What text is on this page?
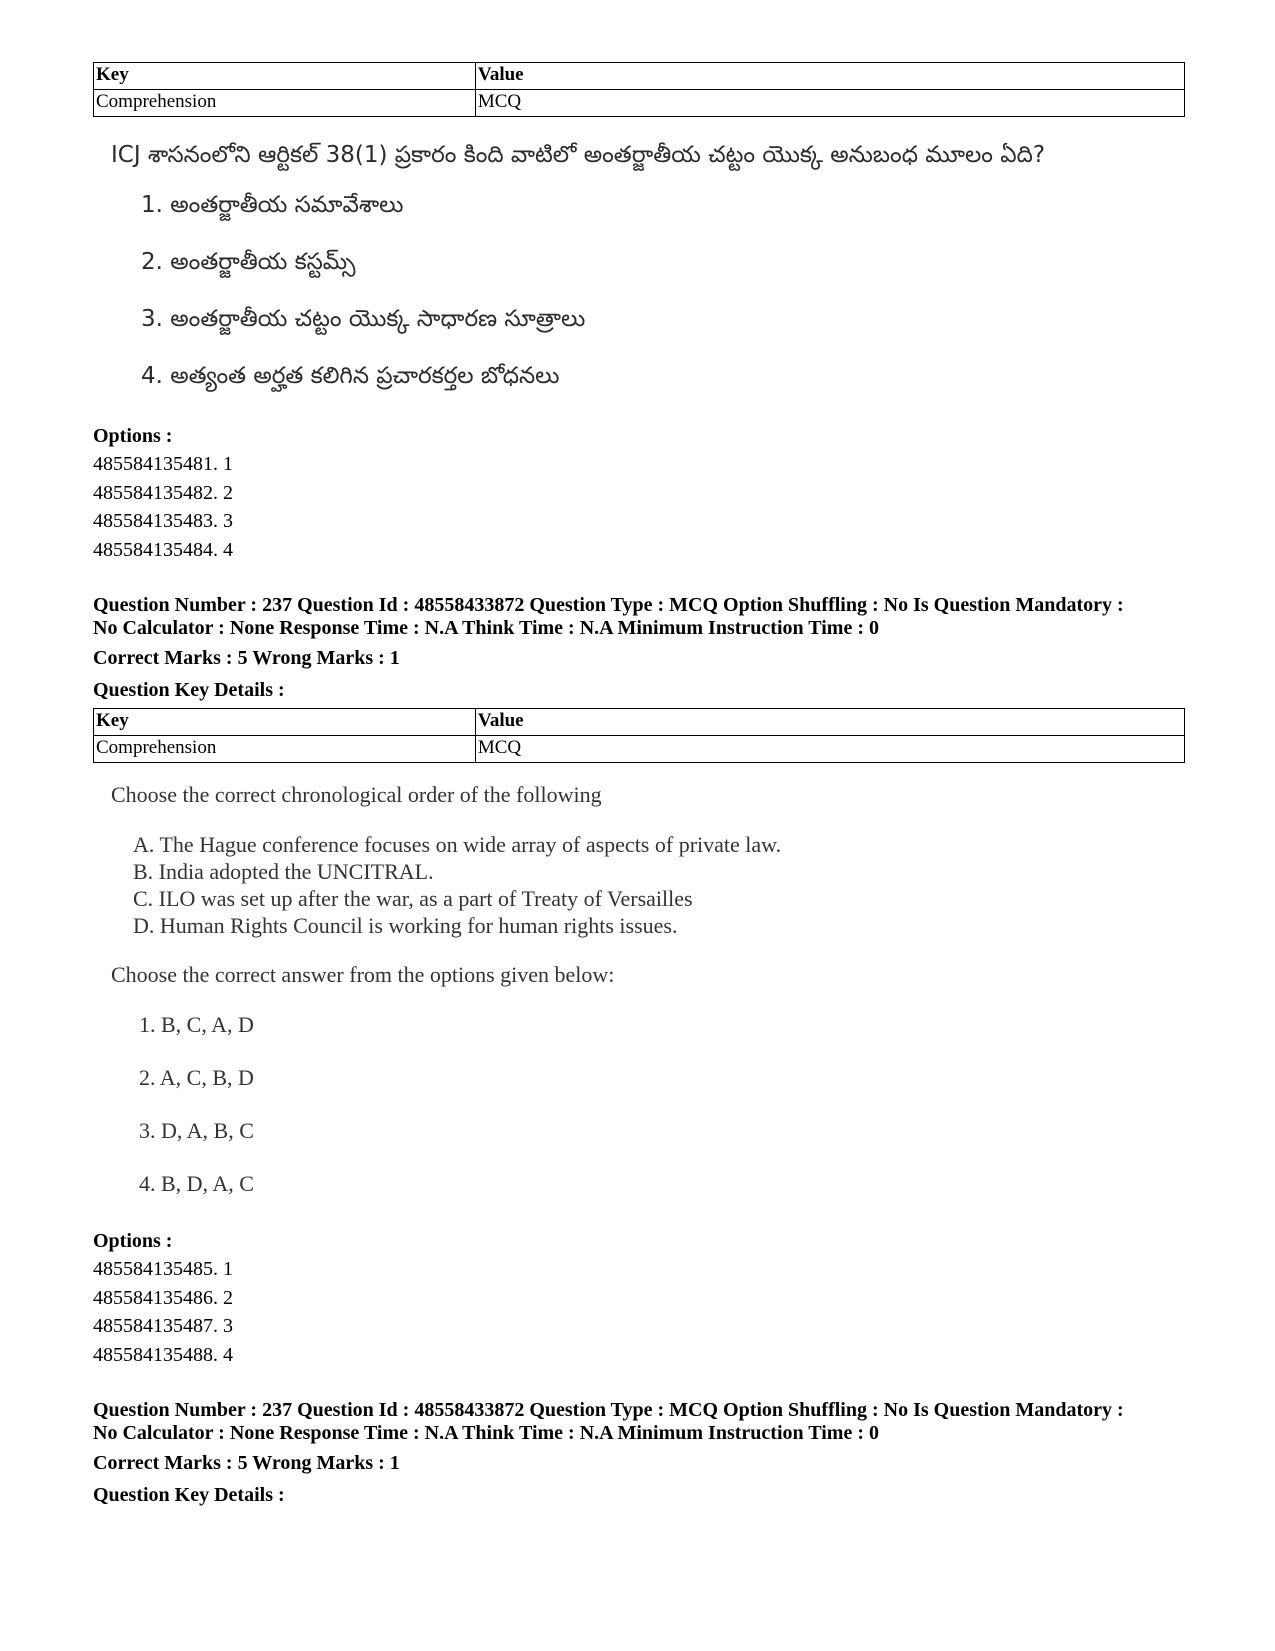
Key	Value
Comprehension	MCQ
ICJ శాసనంలోని ఆర్టికల్ 38(1) ప్రకారం కింది వాటిలో అంతర్జాతీయ చట్టం యొక్క అనుబంధ మూలం ఏది?
1. అంతర్జాతీయ సమావేశాలు
2. అంతర్జాతీయ కస్టమ్స్
3. అంతర్జాతీయ చట్టం యొక్క సాధారణ సూత్రాలు
4. అత్యంత అర్హత కలిగిన ప్రచారకర్తల బోధనలు
Options :
485584135481. 1
485584135482. 2
485584135483. 3
485584135484. 4
Question Number : 237 Question Id : 48558433872 Question Type : MCQ Option Shuffling : No Is Question Mandatory :
No Calculator : None Response Time : N.A Think Time : N.A Minimum Instruction Time : 0
Correct Marks : 5 Wrong Marks : 1
Question Key Details :
Key	Value
Comprehension	MCQ
Choose the correct chronological order of the following
A. The Hague conference focuses on wide array of aspects of private law.
B. India adopted the UNCITRAL.
C. ILO was set up after the war, as a part of Treaty of Versailles
D. Human Rights Council is working for human rights issues.
Choose the correct answer from the options given below:
1. B, C, A, D
2. A, C, B, D
3. D, A, B, C
4. B, D, A, C
Options :
485584135485. 1
485584135486. 2
485584135487. 3
485584135488. 4
Question Number : 237 Question Id : 48558433872 Question Type : MCQ Option Shuffling : No Is Question Mandatory :
No Calculator : None Response Time : N.A Think Time : N.A Minimum Instruction Time : 0
Correct Marks : 5 Wrong Marks : 1
Question Key Details :
